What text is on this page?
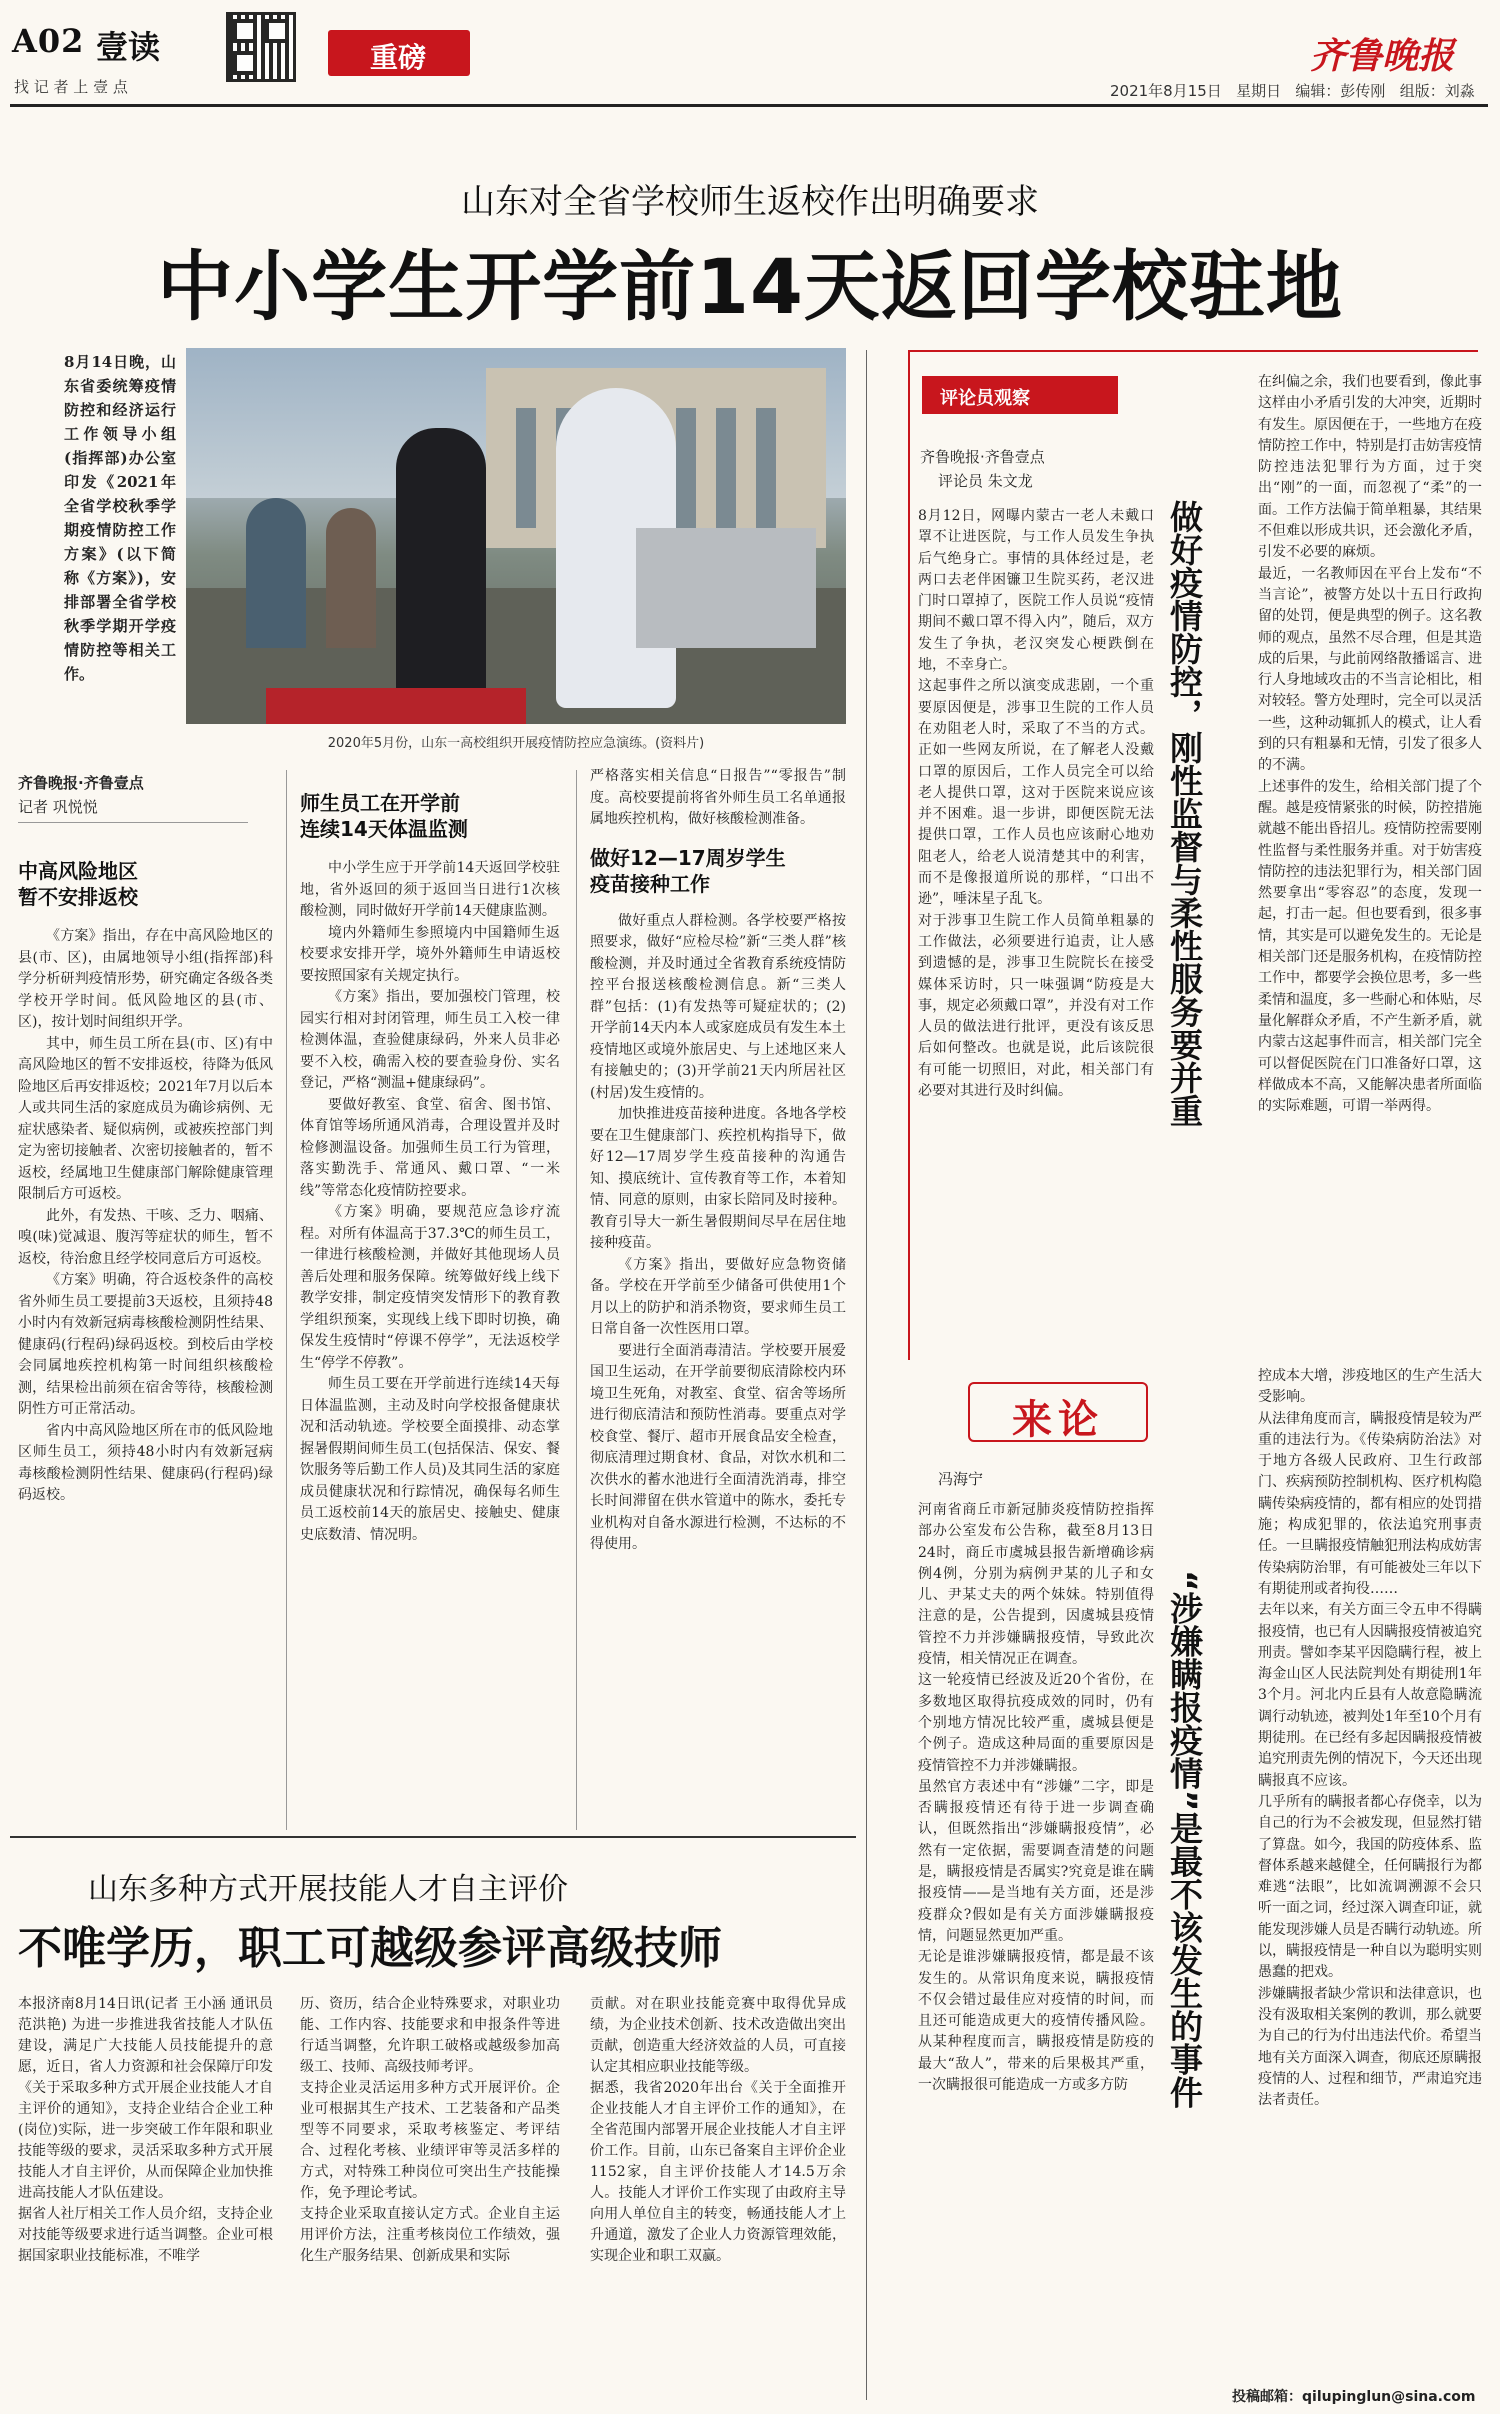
A02 壹读
找 记 者 上 壹 点
重磅	齐鲁晚报
2021年8月15日   星期日   编辑：彭传刚   组版：刘淼
山东对全省学校师生返校作出明确要求
中小学生开学前14天返回学校驻地
8月14日晚，山东省委统筹疫情防控和经济运行工作领导小组(指挥部)办公室印发《2021年全省学校秋季学期疫情防控工作方案》(以下简称《方案》)，安排部署全省学校秋季学期开学疫情防控等相关工作。
2020年5月份，山东一高校组织开展疫情防控应急演练。(资料片)
齐鲁晚报·齐鲁壹点
记者 巩悦悦
中高风险地区
暂不安排返校

《方案》指出，存在中高风险地区的县(市、区)，由属地领导小组(指挥部)科学分析研判疫情形势，研究确定各级各类学校开学时间。低风险地区的县(市、区)，按计划时间组织开学。

其中，师生员工所在县(市、区)有中高风险地区的暂不安排返校，待降为低风险地区后再安排返校；2021年7月以后本人或共同生活的家庭成员为确诊病例、无症状感染者、疑似病例，或被疾控部门判定为密切接触者、次密切接触者的，暂不返校，经属地卫生健康部门解除健康管理限制后方可返校。

此外，有发热、干咳、乏力、咽痛、嗅(味)觉减退、腹泻等症状的师生，暂不返校，待治愈且经学校同意后方可返校。

《方案》明确，符合返校条件的高校省外师生员工要提前3天返校，且须持48小时内有效新冠病毒核酸检测阴性结果、健康码(行程码)绿码返校。到校后由学校会同属地疾控机构第一时间组织核酸检测，结果检出前须在宿舍等待，核酸检测阴性方可正常活动。

省内中高风险地区所在市的低风险地区师生员工，须持48小时内有效新冠病毒核酸检测阴性结果、健康码(行程码)绿码返校。

师生员工在开学前
连续14天体温监测

中小学生应于开学前14天返回学校驻地，省外返回的须于返回当日进行1次核酸检测，同时做好开学前14天健康监测。

境内外籍师生参照境内中国籍师生返校要求安排开学，境外外籍师生申请返校要按照国家有关规定执行。

《方案》指出，要加强校门管理，校园实行相对封闭管理，师生员工入校一律检测体温，查验健康绿码，外来人员非必要不入校，确需入校的要查验身份、实名登记，严格“测温+健康绿码”。

要做好教室、食堂、宿舍、图书馆、体育馆等场所通风消毒，合理设置并及时检修测温设备。加强师生员工行为管理，落实勤洗手、常通风、戴口罩、“一米线”等常态化疫情防控要求。

《方案》明确，要规范应急诊疗流程。对所有体温高于37.3℃的师生员工，一律进行核酸检测，并做好其他现场人员善后处理和服务保障。统筹做好线上线下教学安排，制定疫情突发情形下的教育教学组织预案，实现线上线下即时切换，确保发生疫情时“停课不停学”，无法返校学生“停学不停教”。

师生员工要在开学前进行连续14天每日体温监测，主动及时向学校报备健康状况和活动轨迹。学校要全面摸排、动态掌握暑假期间师生员工(包括保洁、保安、餐饮服务等后勤工作人员)及其同生活的家庭成员健康状况和行踪情况，确保每名师生员工返校前14天的旅居史、接触史、健康史底数清、情况明。

严格落实相关信息“日报告”“零报告”制度。高校要提前将省外师生员工名单通报属地疾控机构，做好核酸检测准备。

做好12—17周岁学生
疫苗接种工作

做好重点人群检测。各学校要严格按照要求，做好“应检尽检”新“三类人群”核酸检测，并及时通过全省教育系统疫情防控平台报送核酸检测信息。新“三类人群”包括：(1)有发热等可疑症状的；(2)开学前14天内本人或家庭成员有发生本土疫情地区或境外旅居史、与上述地区来人有接触史的；(3)开学前21天内所居社区(村居)发生疫情的。

加快推进疫苗接种进度。各地各学校要在卫生健康部门、疾控机构指导下，做好12—17周岁学生疫苗接种的沟通告知、摸底统计、宣传教育等工作，本着知情、同意的原则，由家长陪同及时接种。教育引导大一新生暑假期间尽早在居住地接种疫苗。

《方案》指出，要做好应急物资储备。学校在开学前至少储备可供使用1个月以上的防护和消杀物资，要求师生员工日常自备一次性医用口罩。

要进行全面消毒清洁。学校要开展爱国卫生运动，在开学前要彻底清除校内环境卫生死角，对教室、食堂、宿舍等场所进行彻底清洁和预防性消毒。要重点对学校食堂、餐厅、超市开展食品安全检查，彻底清理过期食材、食品，对饮水机和二次供水的蓄水池进行全面清洗消毒，排空长时间滞留在供水管道中的陈水，委托专业机构对自备水源进行检测，不达标的不得使用。

山东多种方式开展技能人才自主评价
不唯学历，职工可越级参评高级技师
本报济南8月14日讯(记者 王小涵 通讯员 范洪艳) 为进一步推进我省技能人才队伍建设，满足广大技能人员技能提升的意愿，近日，省人力资源和社会保障厅印发《关于采取多种方式开展企业技能人才自主评价的通知》，支持企业结合企业工种(岗位)实际，进一步突破工作年限和职业技能等级的要求，灵活采取多种方式开展技能人才自主评价，从而保障企业加快推进高技能人才队伍建设。
据省人社厅相关工作人员介绍，支持企业对技能等级要求进行适当调整。企业可根据国家职业技能标准，不唯学
历、资历，结合企业特殊要求，对职业功能、工作内容、技能要求和申报条件等进行适当调整，允许职工破格或越级参加高级工、技师、高级技师考评。
支持企业灵活运用多种方式开展评价。企业可根据其生产技术、工艺装备和产品类型等不同要求，采取考核鉴定、考评结合、过程化考核、业绩评审等灵活多样的方式，对特殊工种岗位可突出生产技能操作，免予理论考试。
支持企业采取直接认定方式。企业自主运用评价方法，注重考核岗位工作绩效，强化生产服务结果、创新成果和实际
贡献。对在职业技能竞赛中取得优异成绩，为企业技术创新、技术改造做出突出贡献，创造重大经济效益的人员，可直接认定其相应职业技能等级。
据悉，我省2020年出台《关于全面推开企业技能人才自主评价工作的通知》，在全省范围内部署开展企业技能人才自主评价工作。目前，山东已备案自主评价企业1152家，自主评价技能人才14.5万余人。技能人才评价工作实现了由政府主导向用人单位自主的转变，畅通技能人才上升通道，激发了企业人力资源管理效能，实现企业和职工双赢。
评论员观察
齐鲁晚报·齐鲁壹点
评论员 朱文龙
8月12日，网曝内蒙古一老人未戴口罩不让进医院，与工作人员发生争执后气绝身亡。事情的具体经过是，老两口去老伴困镰卫生院买药，老汉进门时口罩掉了，医院工作人员说“疫情期间不戴口罩不得入内”，随后，双方发生了争执，老汉突发心梗跌倒在地，不幸身亡。
这起事件之所以演变成悲剧，一个重要原因便是，涉事卫生院的工作人员在劝阻老人时，采取了不当的方式。正如一些网友所说，在了解老人没戴口罩的原因后，工作人员完全可以给老人提供口罩，这对于医院来说应该并不困难。退一步讲，即便医院无法提供口罩，工作人员也应该耐心地劝阻老人，给老人说清楚其中的利害，而不是像报道所说的那样，“口出不逊”，唾沫星子乱飞。
对于涉事卫生院工作人员简单粗暴的工作做法，必须要进行追责，让人感到遗憾的是，涉事卫生院院长在接受媒体采访时，只一味强调“防疫是大事，规定必须戴口罩”，并没有对工作人员的做法进行批评，更没有该反思后如何整改。也就是说，此后该院很有可能一切照旧，对此，相关部门有必要对其进行及时纠偏。	做好疫情防控，刚性监督与柔性服务要并重
在纠偏之余，我们也要看到，像此事这样由小矛盾引发的大冲突，近期时有发生。原因便在于，一些地方在疫情防控工作中，特别是打击妨害疫情防控违法犯罪行为方面，过于突出“刚”的一面，而忽视了“柔”的一面。工作方法偏于简单粗暴，其结果不但难以形成共识，还会激化矛盾，引发不必要的麻烦。
最近，一名教师因在平台上发布“不当言论”，被警方处以十五日行政拘留的处罚，便是典型的例子。这名教师的观点，虽然不尽合理，但是其造成的后果，与此前网络散播谣言、进行人身地域攻击的不当言论相比，相对较轻。警方处理时，完全可以灵活一些，这种动辄抓人的模式，让人看到的只有粗暴和无情，引发了很多人的不满。
上述事件的发生，给相关部门提了个醒。越是疫情紧张的时候，防控措施就越不能出昏招儿。疫情防控需要刚性监督与柔性服务并重。对于妨害疫情防控的违法犯罪行为，相关部门固然要拿出“零容忍”的态度，发现一起，打击一起。但也要看到，很多事情，其实是可以避免发生的。无论是相关部门还是服务机构，在疫情防控工作中，都要学会换位思考，多一些柔情和温度，多一些耐心和体贴，尽量化解群众矛盾，不产生新矛盾，就内蒙古这起事件而言，相关部门完全可以督促医院在门口准备好口罩，这样做成本不高，又能解决患者所面临的实际难题，可谓一举两得。
来论
冯海宁
河南省商丘市新冠肺炎疫情防控指挥部办公室发布公告称，截至8月13日24时，商丘市虞城县报告新增确诊病例4例，分别为病例尹某的儿子和女儿、尹某丈夫的两个妹妹。特别值得注意的是，公告提到，因虞城县疫情管控不力并涉嫌瞒报疫情，导致此次疫情，相关情况正在调查。
这一轮疫情已经波及近20个省份，在多数地区取得抗疫成效的同时，仍有个别地方情况比较严重，虞城县便是个例子。造成这种局面的重要原因是疫情管控不力并涉嫌瞒报。
虽然官方表述中有“涉嫌”二字，即是否瞒报疫情还有待于进一步调查确认，但既然指出“涉嫌瞒报疫情”，必然有一定依据，需要调查清楚的问题是，瞒报疫情是否属实?究竟是谁在瞒报疫情——是当地有关方面，还是涉疫群众?假如是有关方面涉嫌瞒报疫情，问题显然更加严重。
无论是谁涉嫌瞒报疫情，都是最不该发生的。从常识角度来说，瞒报疫情不仅会错过最佳应对疫情的时间，而且还可能造成更大的疫情传播风险。从某种程度而言，瞒报疫情是防疫的最大“敌人”，带来的后果极其严重，一次瞒报很可能造成一方或多方防	“涉嫌瞒报疫情”是最不该发生的事件
控成本大增，涉疫地区的生产生活大受影响。
从法律角度而言，瞒报疫情是较为严重的违法行为。《传染病防治法》对于地方各级人民政府、卫生行政部门、疾病预防控制机构、医疗机构隐瞒传染病疫情的，都有相应的处罚措施；构成犯罪的，依法追究刑事责任。一旦瞒报疫情触犯刑法构成妨害传染病防治罪，有可能被处三年以下有期徒刑或者拘役……
去年以来，有关方面三令五申不得瞒报疫情，也已有人因瞒报疫情被追究刑责。譬如李某平因隐瞒行程，被上海金山区人民法院判处有期徒刑1年3个月。河北内丘县有人故意隐瞒流调行动轨迹，被判处1年至10个月有期徒刑。在已经有多起因瞒报疫情被追究刑责先例的情况下，今天还出现瞒报真不应该。
几乎所有的瞒报者都心存侥幸，以为自己的行为不会被发现，但显然打错了算盘。如今，我国的防疫体系、监督体系越来越健全，任何瞒报行为都难逃“法眼”，比如流调溯源不会只听一面之词，经过深入调查印证，就能发现涉嫌人员是否瞒行动轨迹。所以，瞒报疫情是一种自以为聪明实则愚蠢的把戏。
涉嫌瞒报者缺少常识和法律意识，也没有汲取相关案例的教训，那么就要为自己的行为付出违法代价。希望当地有关方面深入调查，彻底还原瞒报疫情的人、过程和细节，严肃追究违法者责任。
投稿邮箱：qilupinglun@sina.com
